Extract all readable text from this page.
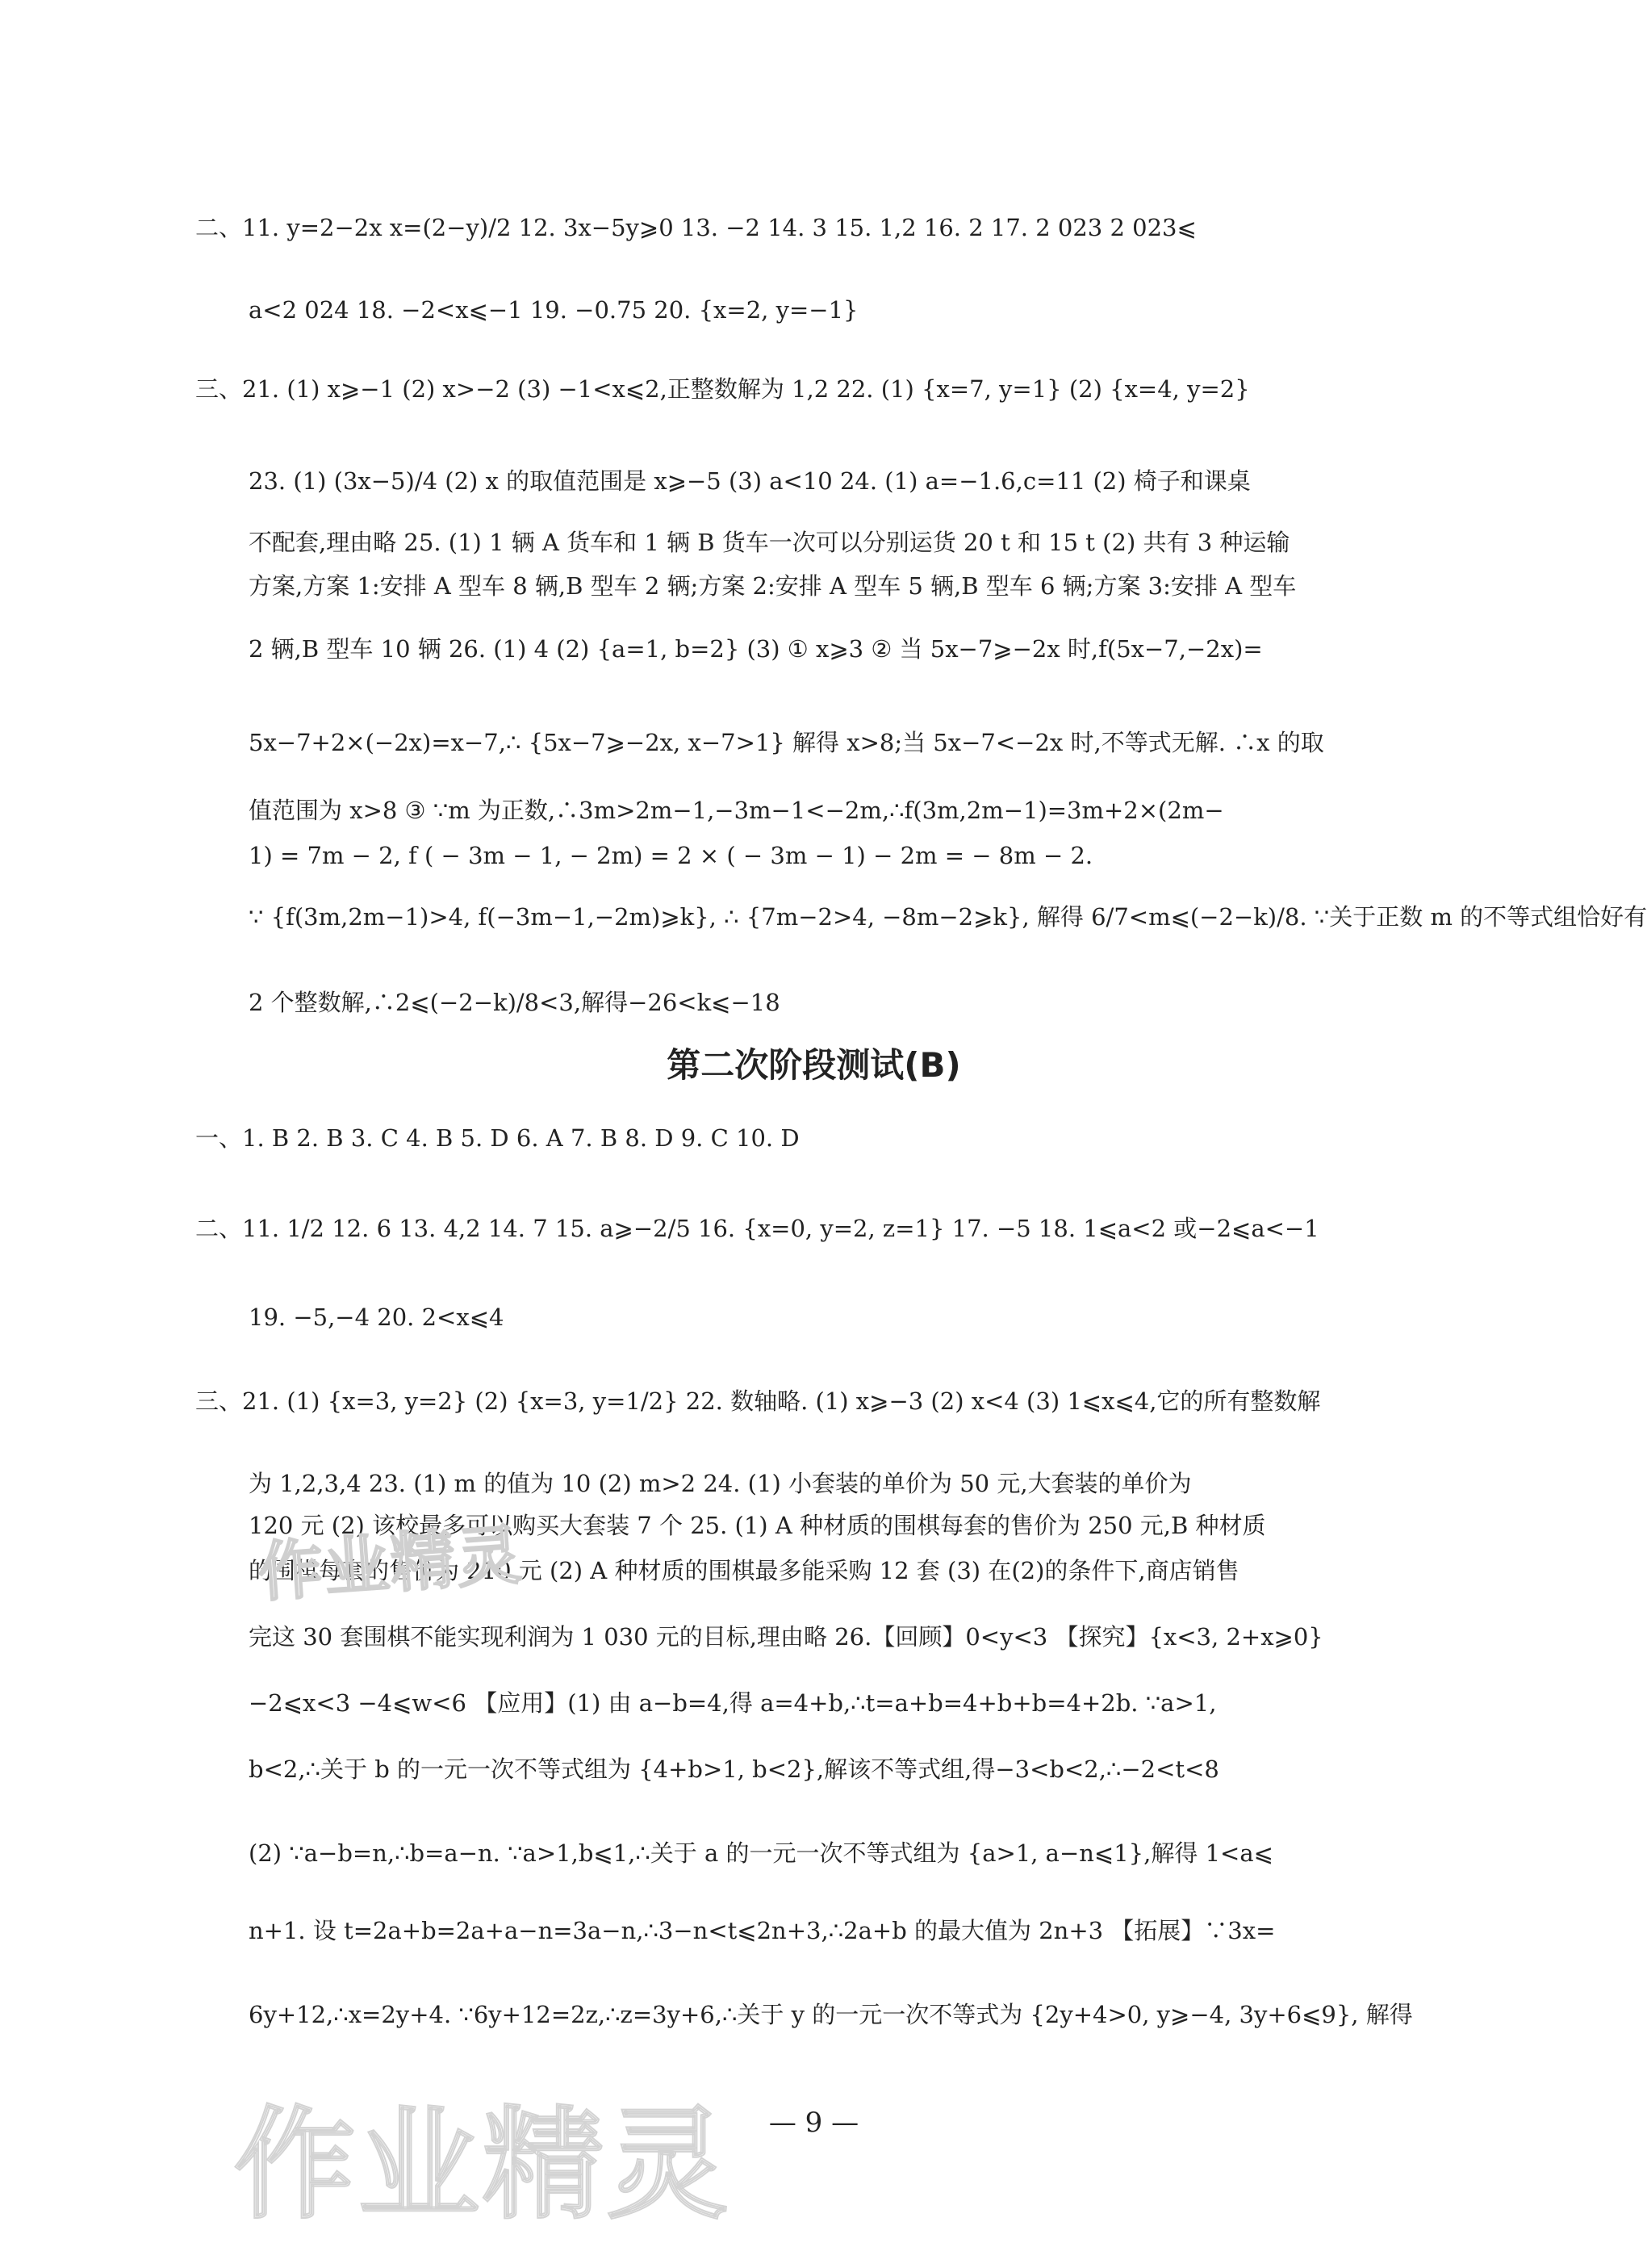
二、11. y=2−2x x=(2−y)/2 12. 3x−5y⩾0 13. −2 14. 3 15. 1,2 16. 2 17. 2 023 2 023⩽
a<2 024 18. −2<x⩽−1 19. −0.75 20. {x=2, y=−1}
三、21. (1) x⩾−1 (2) x>−2 (3) −1<x⩽2,正整数解为 1,2 22. (1) {x=7, y=1} (2) {x=4, y=2}
23. (1) (3x−5)/4 (2) x 的取值范围是 x⩾−5 (3) a<10 24. (1) a=−1.6,c=11 (2) 椅子和课桌
不配套,理由略 25. (1) 1 辆 A 货车和 1 辆 B 货车一次可以分别运货 20 t 和 15 t (2) 共有 3 种运输
方案,方案 1:安排 A 型车 8 辆,B 型车 2 辆;方案 2:安排 A 型车 5 辆,B 型车 6 辆;方案 3:安排 A 型车
2 辆,B 型车 10 辆 26. (1) 4 (2) {a=1, b=2} (3) ① x⩾3 ② 当 5x−7⩾−2x 时,f(5x−7,−2x)=
5x−7+2×(−2x)=x−7,∴ {5x−7⩾−2x, x−7>1} 解得 x>8;当 5x−7<−2x 时,不等式无解. ∴x 的取
值范围为 x>8 ③ ∵m 为正数,∴3m>2m−1,−3m−1<−2m,∴f(3m,2m−1)=3m+2×(2m−
1) = 7m − 2, f ( − 3m − 1, − 2m) = 2 × ( − 3m − 1) − 2m = − 8m − 2.
∵ {f(3m,2m−1)>4, f(−3m−1,−2m)⩾k}, ∴ {7m−2>4, −8m−2⩾k}, 解得 6/7<m⩽(−2−k)/8. ∵关于正数 m 的不等式组恰好有
2 个整数解,∴2⩽(−2−k)/8<3,解得−26<k⩽−18
第二次阶段测试(B)
一、1. B 2. B 3. C 4. B 5. D 6. A 7. B 8. D 9. C 10. D
二、11. 1/2 12. 6 13. 4,2 14. 7 15. a⩾−2/5 16. {x=0, y=2, z=1} 17. −5 18. 1⩽a<2 或−2⩽a<−1
19. −5,−4 20. 2<x⩽4
三、21. (1) {x=3, y=2} (2) {x=3, y=1/2} 22. 数轴略. (1) x⩾−3 (2) x<4 (3) 1⩽x⩽4,它的所有整数解
为 1,2,3,4 23. (1) m 的值为 10 (2) m>2 24. (1) 小套装的单价为 50 元,大套装的单价为
120 元 (2) 该校最多可以购买大套装 7 个 25. (1) A 种材质的围棋每套的售价为 250 元,B 种材质
的围棋每套的售价为 210 元 (2) A 种材质的围棋最多能采购 12 套 (3) 在(2)的条件下,商店销售
完这 30 套围棋不能实现利润为 1 030 元的目标,理由略 26.【回顾】0<y<3 【探究】{x<3, 2+x⩾0}
−2⩽x<3 −4⩽w<6 【应用】(1) 由 a−b=4,得 a=4+b,∴t=a+b=4+b+b=4+2b. ∵a>1,
b<2,∴关于 b 的一元一次不等式组为 {4+b>1, b<2},解该不等式组,得−3<b<2,∴−2<t<8
(2) ∵a−b=n,∴b=a−n. ∵a>1,b⩽1,∴关于 a 的一元一次不等式组为 {a>1, a−n⩽1},解得 1<a⩽
n+1. 设 t=2a+b=2a+a−n=3a−n,∴3−n<t⩽2n+3,∴2a+b 的最大值为 2n+3 【拓展】∵3x=
6y+12,∴x=2y+4. ∵6y+12=2z,∴z=3y+6,∴关于 y 的一元一次不等式为 {2y+4>0, y⩾−4, 3y+6⩽9}, 解得
— 9 —
作业精灵
作业精灵
